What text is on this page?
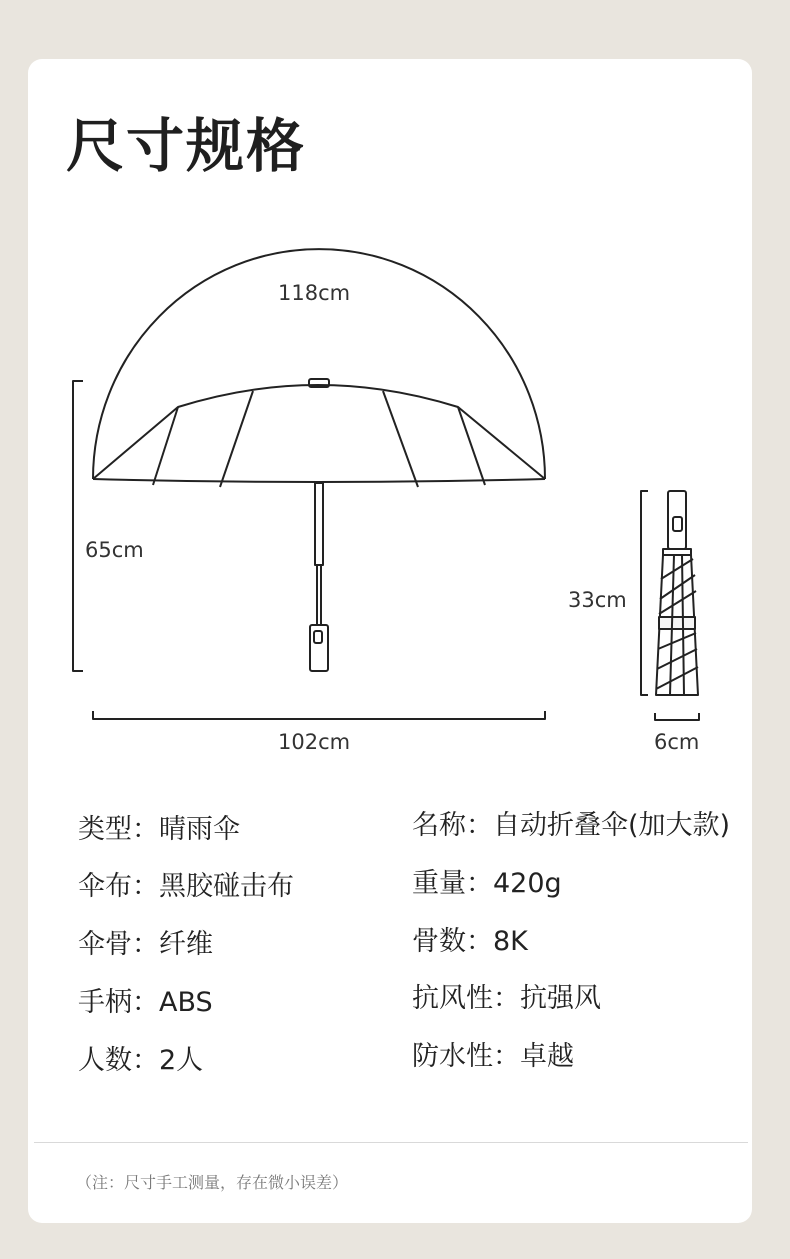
尺寸规格
118cm
65cm
102cm
33cm
6cm
类型：晴雨伞
伞布：黑胶碰击布
伞骨：纤维
手柄：ABS
人数：2人
名称：自动折叠伞(加大款)
重量：420g
骨数：8K
抗风性：抗强风
防水性：卓越
（注：尺寸手工测量，存在微小误差）
